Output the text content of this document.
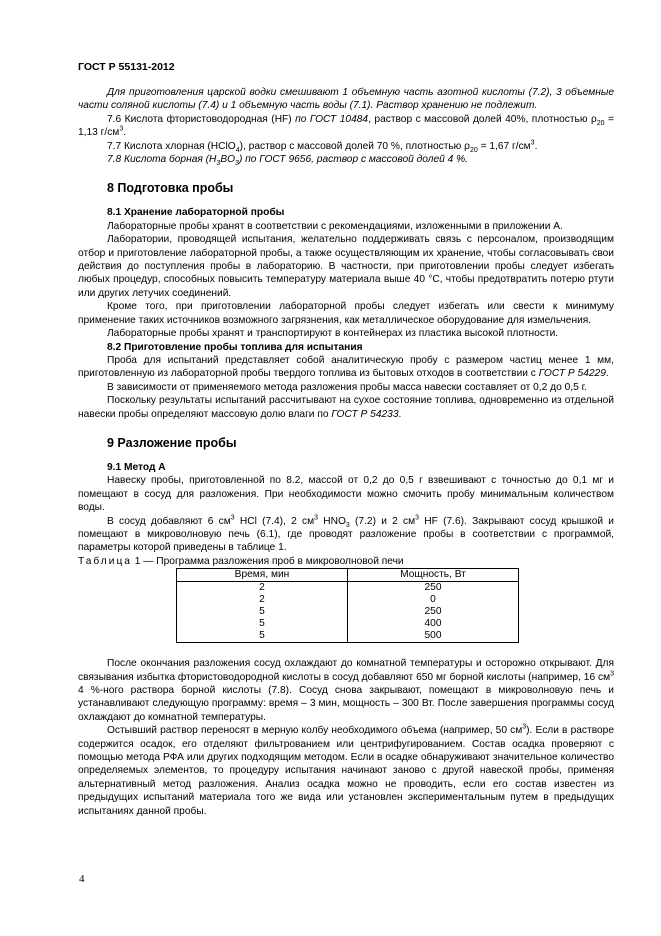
ГОСТ Р 55131-2012

Для приготовления царской водки смешивают 1 объемную часть азотной кислоты (7.2), 3 объемные части соляной кислоты (7.4) и 1 объемную часть воды (7.1). Раствор хранению не подлежит.

7.6 Кислота фтористоводородная (HF) по ГОСТ 10484, раствор с массовой долей 40%, плотностью $\rho_{20} = 1,13$ $г/см^3$.

7.7 Кислота хлорная (HClO$_4$), раствор с массовой долей 70 %, плотностью $\rho_{20} = 1,67$ $г/см^3$.

7.8 Кислота борная $(H_3BO_3)$ по ГОСТ 9656, раствор с массовой долей 4 %.

8 Подготовка пробы
8.1 Хранение лабораторной пробы

Лабораторные пробы хранят в соответствии с рекомендациями, изложенными в приложении А.

Лаборатории, проводящей испытания, желательно поддерживать связь с персоналом, производящим отбор и приготовление лабораторной пробы, а также осуществляющим их хранение, чтобы согласовывать свои действия до поступления пробы в лабораторию. В частности, при приготовлении пробы следует избегать любых процедур, способных повысить температуру материала выше 40 °С, чтобы предотвратить потерю ртути или других летучих соединений.

Кроме того, при приготовлении лабораторной пробы следует избегать или свести к минимуму применение таких источников возможного загрязнения, как металлическое оборудование для измельчения.

Лабораторные пробы хранят и транспортируют в контейнерах из пластика высокой плотности.

8.2 Приготовление пробы топлива для испытания

Проба для испытаний представляет собой аналитическую пробу с размером частиц менее 1 мм, приготовленную из лабораторной пробы твердого топлива из бытовых отходов в соответствии с ГОСТ Р 54229.

В зависимости от применяемого метода разложения пробы масса навески составляет от 0,2 до 0,5 г.

Поскольку результаты испытаний рассчитывают на сухое состояние топлива, одновременно из отдельной навески пробы определяют массовую долю влаги по ГОСТ Р 54233.

9 Разложение пробы
9.1 Метод А

Навеску пробы, приготовленной по 8.2, массой от 0,2 до 0,5 г взвешивают с точностью до 0,1 мг и помещают в сосуд для разложения. При необходимости можно смочить пробу минимальным количеством воды.

В сосуд добавляют 6 $см^3$ HCl (7.4), 2 $см^3$ $HNO_3$ (7.2) и 2 $см^3$ HF (7.6). Закрывают сосуд крышкой и помещают в микроволновую печь (6.1), где проводят разложение пробы в соответствии с программой, параметры которой приведены в таблице 1.

Таблица 1 — Программа разложения проб в микроволновой печи

Время, мин	Мощность, Вт
2	250
2	0
5	250
5	400
5	500

После окончания разложения сосуд охлаждают до комнатной температуры и осторожно открывают. Для связывания избытка фтористоводородной кислоты в сосуд добавляют 650 мг борной кислоты (например, 16 $см^3$ 4 %-ного раствора борной кислоты (7.8). Сосуд снова закрывают, помещают в микроволновую печь и устанавливают следующую программу: время – 3 мин, мощность – 300 Вт. После завершения программы сосуд охлаждают до комнатной температуры.

Остывший раствор переносят в мерную колбу необходимого объема (например, 50 $см^3$). Если в растворе содержится осадок, его отделяют фильтрованием или центрифугированием. Состав осадка проверяют с помощью метода РФА или других подходящим методом. Если в осадке обнаруживают значительное количество определяемых элементов, то процедуру испытания начинают заново с другой навеской пробы, применяя альтернативный метод разложения. Анализ осадка можно не проводить, если его состав известен из предыдущих испытаний материала того же вида или установлен экспериментальным путем в предыдущих испытаниях данной пробы.

4
